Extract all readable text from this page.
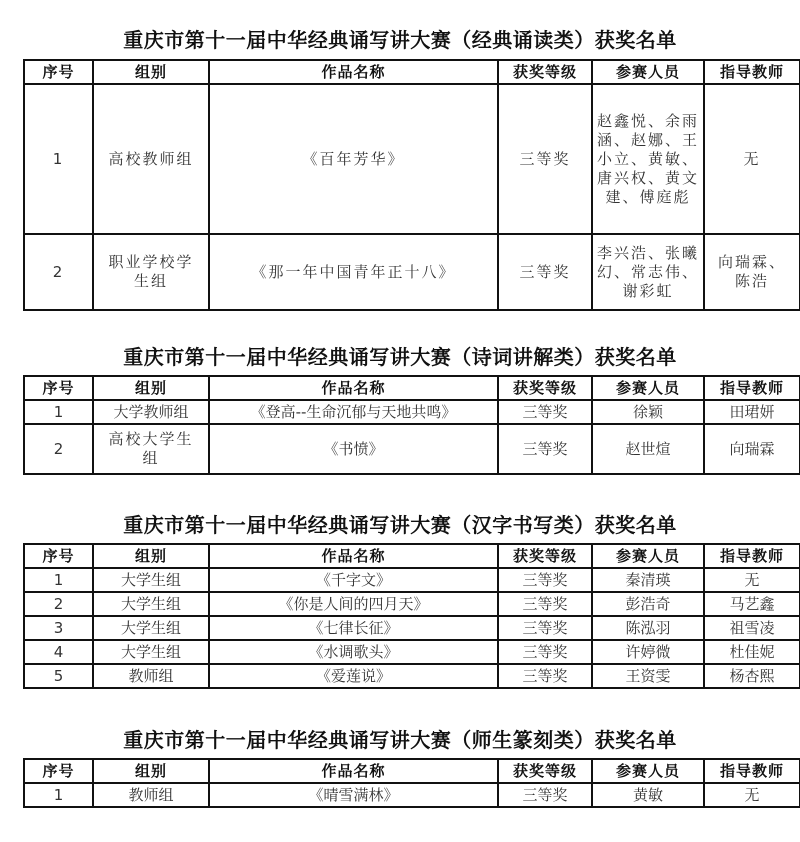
重庆市第十一届中华经典诵写讲大赛（经典诵读类）获奖名单
序号	组别	作品名称	获奖等级	参赛人员	指导教师
1	高校教师组	《百年芳华》	三等奖	赵鑫悦、余雨涵、赵娜、王小立、黄敏、唐兴权、黄文建、傅庭彪	无
2	职业学校学生组	《那一年中国青年正十八》	三等奖	李兴浩、张曦幻、常志伟、谢彩虹	向瑞霖、陈浩
重庆市第十一届中华经典诵写讲大赛（诗词讲解类）获奖名单
序号	组别	作品名称	获奖等级	参赛人员	指导教师
1	大学教师组	《登高--生命沉郁与天地共鸣》	三等奖	徐颖	田珺妍
2	高校大学生组	《书愤》	三等奖	赵世煊	向瑞霖
重庆市第十一届中华经典诵写讲大赛（汉字书写类）获奖名单
序号	组别	作品名称	获奖等级	参赛人员	指导教师
1	大学生组	《千字文》	三等奖	秦清瑛	无
2	大学生组	《你是人间的四月天》	三等奖	彭浩奇	马艺鑫
3	大学生组	《七律长征》	三等奖	陈泓羽	祖雪凌
4	大学生组	《水调歌头》	三等奖	许婷微	杜佳妮
5	教师组	《爱莲说》	三等奖	王资雯	杨杏熙
重庆市第十一届中华经典诵写讲大赛（师生篆刻类）获奖名单
序号	组别	作品名称	获奖等级	参赛人员	指导教师
1	教师组	《晴雪满林》	三等奖	黄敏	无
